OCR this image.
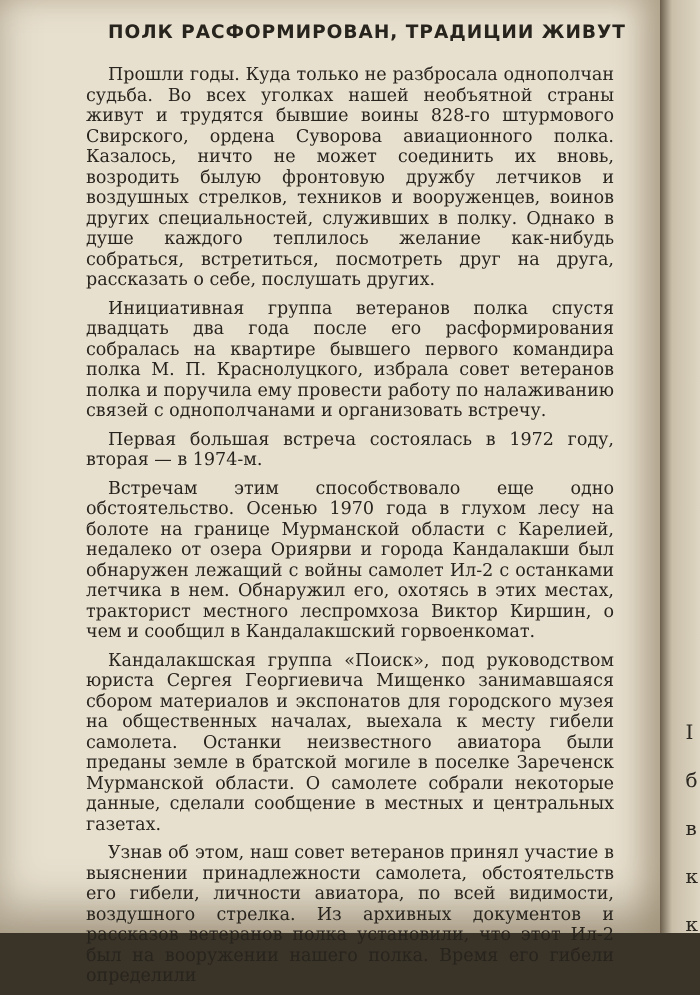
ПОЛК РАСФОРМИРОВАН, ТРАДИЦИИ ЖИВУТ

Прошли годы. Куда только не разбросала однополчан судьба. Во всех уголках нашей необъятной страны живут и трудятся бывшие воины 828-го штурмового Свирского, ордена Суворова авиационного полка. Казалось, ничто не может соединить их вновь, возродить былую фронтовую дружбу летчиков и воздушных стрелков, техников и вооруженцев, воинов других специальностей, служивших в полку. Однако в душе каждого теплилось желание как-нибудь собраться, встретиться, посмотреть друг на друга, рассказать о себе, послушать других.

Инициативная группа ветеранов полка спустя двадцать два года после его расформирования собралась на квартире бывшего первого командира полка М. П. Краснолуцкого, избрала совет ветеранов полка и поручила ему провести работу по налаживанию связей с однополчанами и организовать встречу.

Первая большая встреча состоялась в 1972 году, вторая — в 1974-м.

Встречам этим способствовало еще одно обстоятельство. Осенью 1970 года в глухом лесу на болоте на границе Мурманской области с Карелией, недалеко от озера Ориярви и города Кандалакши был обнаружен лежащий с войны самолет Ил-2 с останками летчика в нем. Обнаружил его, охотясь в этих местах, тракторист местного леспромхоза Виктор Киршин, о чем и сообщил в Кандалакшский горвоенкомат.

Кандалакшская группа «Поиск», под руководством юриста Сергея Георгиевича Мищенко занимавшаяся сбором материалов и экспонатов для городского музея на общественных началах, выехала к месту гибели самолета. Останки неизвестного авиатора были преданы земле в братской могиле в поселке Зареченск Мурманской области. О самолете собрали некоторые данные, сделали сообщение в местных и центральных газетах.

Узнав об этом, наш совет ветеранов принял участие в выяснении принадлежности самолета, обстоятельств его гибели, личности авиатора, по всей видимости, воздушного стрелка. Из архивных документов и рассказов ветеранов полка установили, что этот Ил-2 был на вооружении нашего полка. Время его гибели определили

І
б
в
к
к
